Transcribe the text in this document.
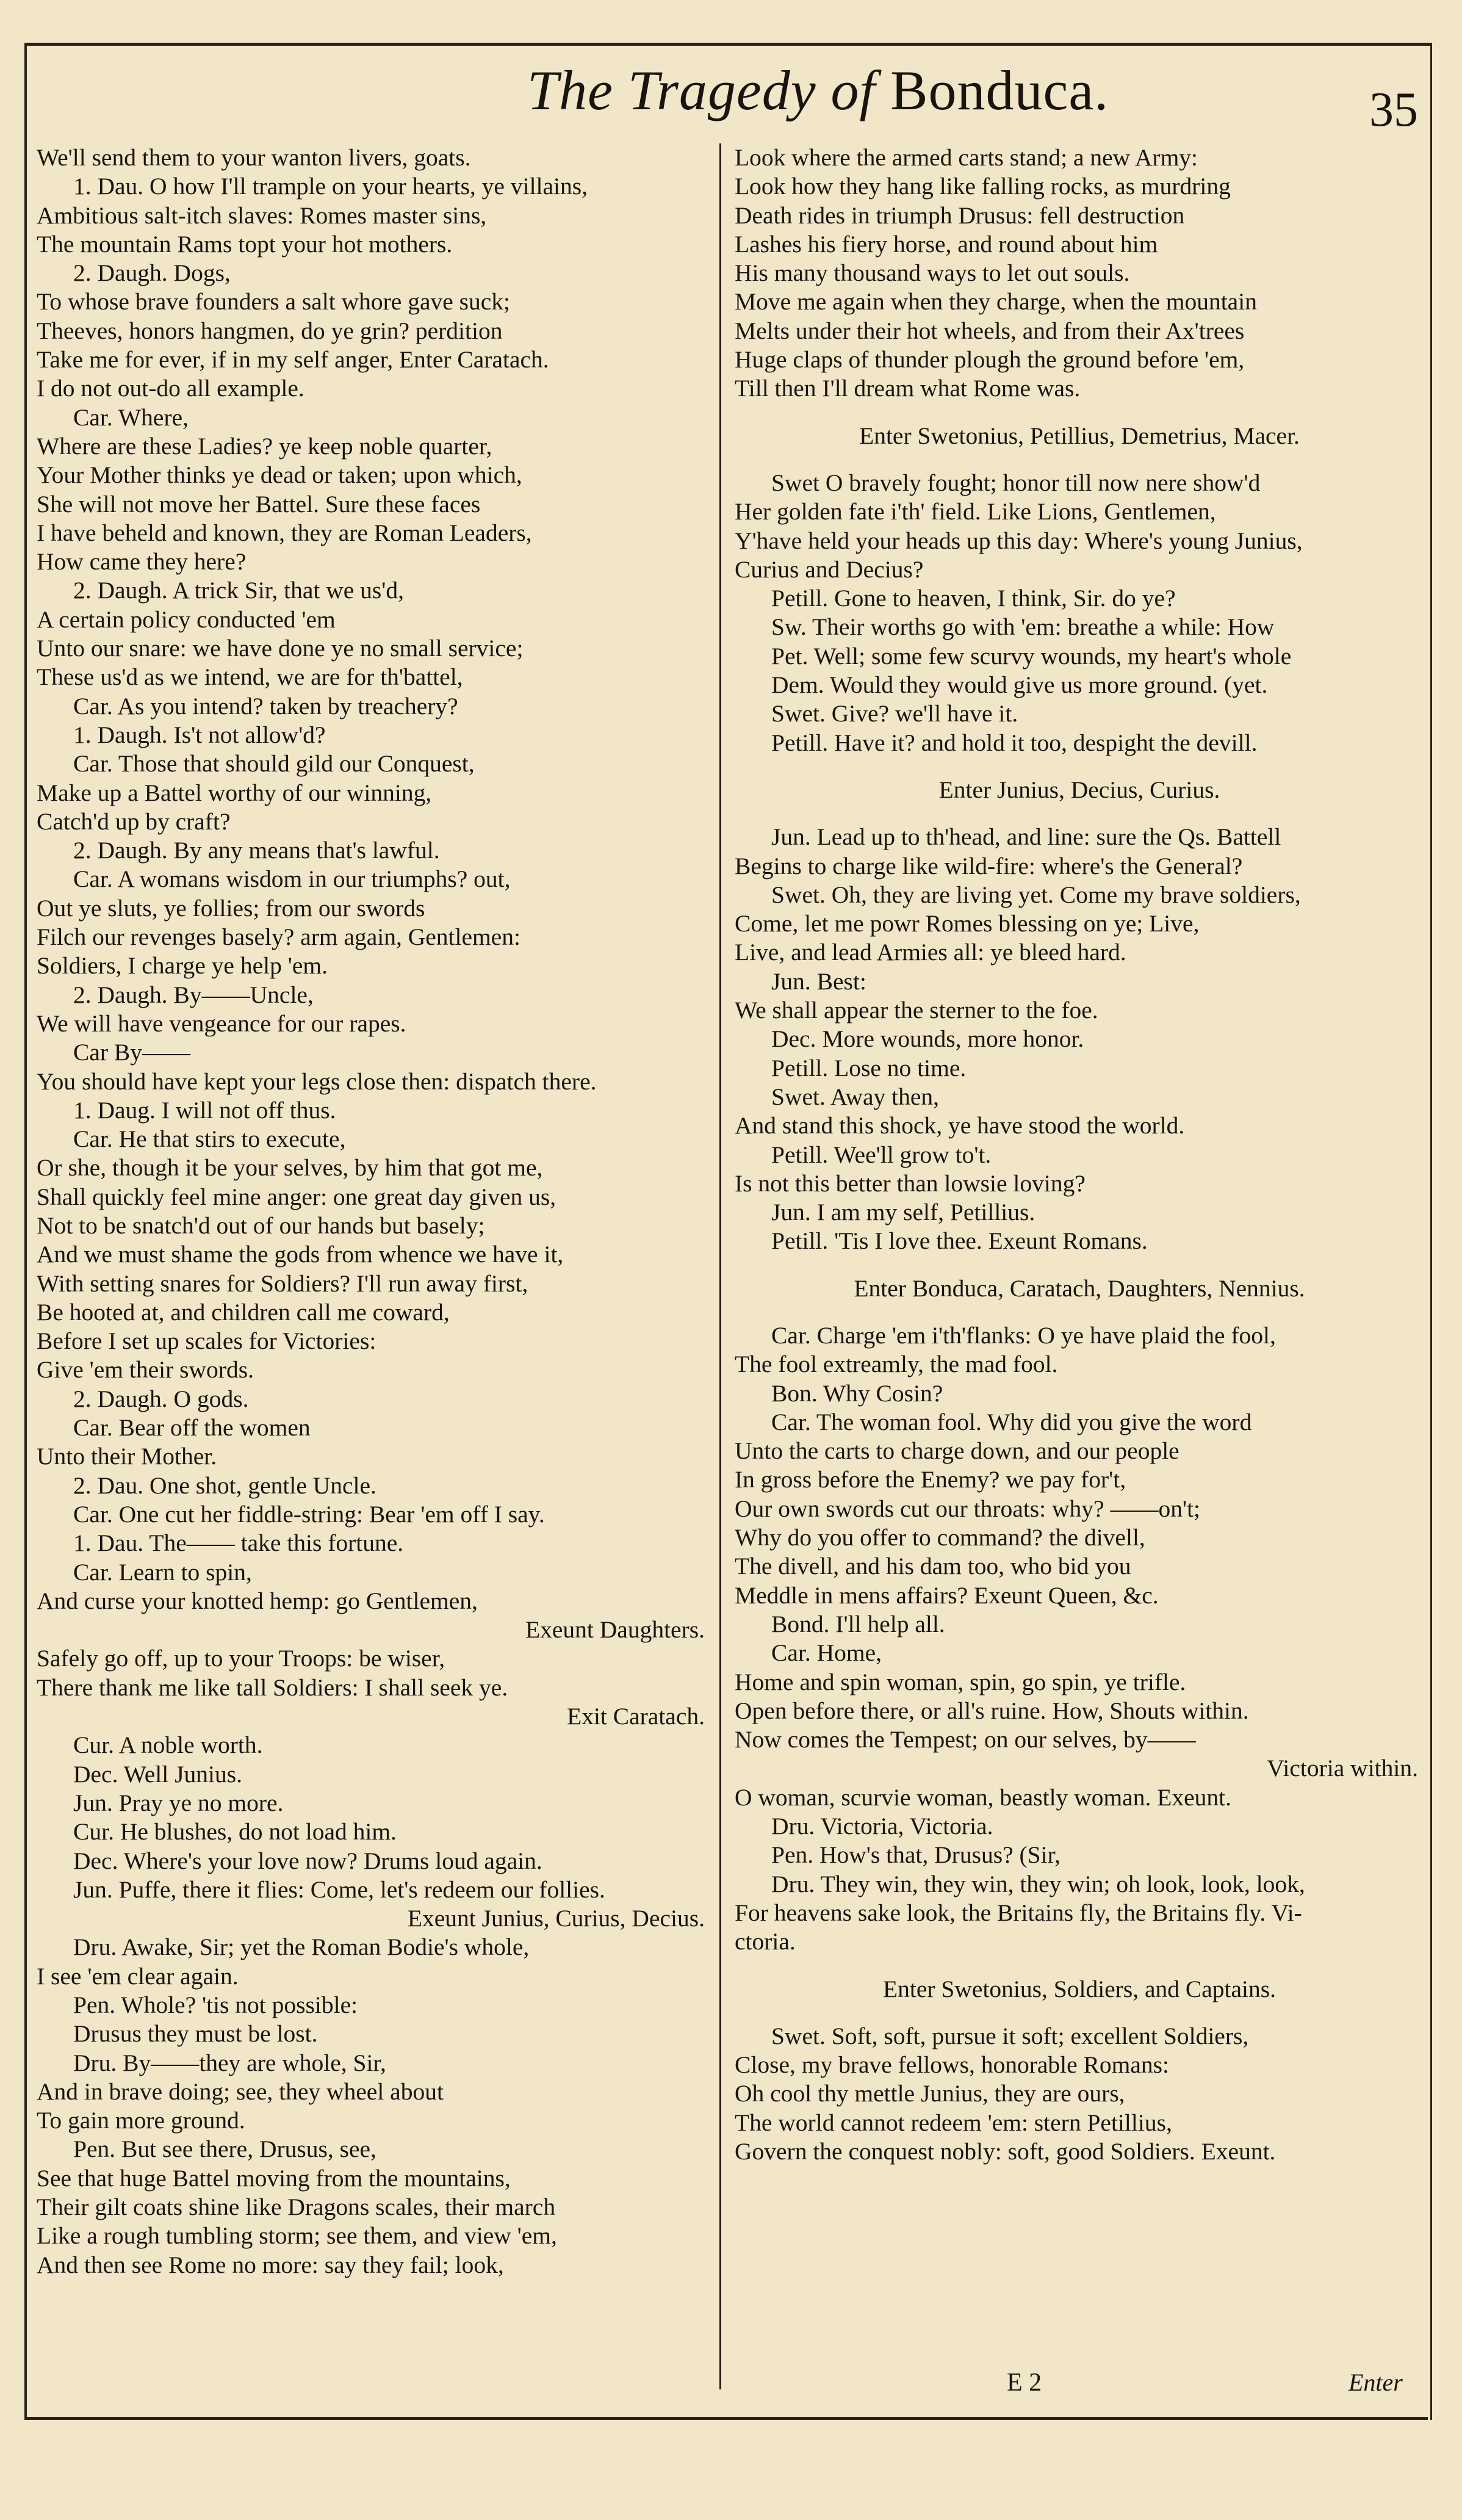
The Tragedy of Bonduca.	35
We'll send them to your wanton livers, goats.
1. Dau. O how I'll trample on your hearts, ye villains,
Ambitious salt-itch slaves: Romes master sins,
The mountain Rams topt your hot mothers.
2. Daugh. Dogs,
To whose brave founders a salt whore gave suck;
Theeves, honors hangmen, do ye grin? perdition
Take me for ever, if in my self anger, Enter Caratach.
I do not out-do all example.
Car. Where,
Where are these Ladies? ye keep noble quarter,
Your Mother thinks ye dead or taken; upon which,
She will not move her Battel. Sure these faces
I have beheld and known, they are Roman Leaders,
How came they here?
2. Daugh. A trick Sir, that we us'd,
A certain policy conducted 'em
Unto our snare: we have done ye no small service;
These us'd as we intend, we are for th'battel,
Car. As you intend? taken by treachery?
1. Daugh. Is't not allow'd?
Car. Those that should gild our Conquest,
Make up a Battel worthy of our winning,
Catch'd up by craft?
2. Daugh. By any means that's lawful.
Car. A womans wisdom in our triumphs? out,
Out ye sluts, ye follies; from our swords
Filch our revenges basely? arm again, Gentlemen:
Soldiers, I charge ye help 'em.
2. Daugh. By——Uncle,
We will have vengeance for our rapes.
Car By——
You should have kept your legs close then: dispatch there.
1. Daug. I will not off thus.
Car. He that stirs to execute,
Or she, though it be your selves, by him that got me,
Shall quickly feel mine anger: one great day given us,
Not to be snatch'd out of our hands but basely;
And we must shame the gods from whence we have it,
With setting snares for Soldiers? I'll run away first,
Be hooted at, and children call me coward,
Before I set up scales for Victories:
Give 'em their swords.
2. Daugh. O gods.
Car. Bear off the women
Unto their Mother.
2. Dau. One shot, gentle Uncle.
Car. One cut her fiddle-string: Bear 'em off I say.
1. Dau. The—— take this fortune.
Car. Learn to spin,
And curse your knotted hemp: go Gentlemen,
Exeunt Daughters.
Safely go off, up to your Troops: be wiser,
There thank me like tall Soldiers: I shall seek ye.
Exit Caratach.
Cur. A noble worth.
Dec. Well Junius.
Jun. Pray ye no more.
Cur. He blushes, do not load him.
Dec. Where's your love now? Drums loud again.
Jun. Puffe, there it flies: Come, let's redeem our follies.
Exeunt Junius, Curius, Decius.
Dru. Awake, Sir; yet the Roman Bodie's whole,
I see 'em clear again.
Pen. Whole? 'tis not possible:
Drusus they must be lost.
Dru. By——they are whole, Sir,
And in brave doing; see, they wheel about
To gain more ground.
Pen. But see there, Drusus, see,
See that huge Battel moving from the mountains,
Their gilt coats shine like Dragons scales, their march
Like a rough tumbling storm; see them, and view 'em,
And then see Rome no more: say they fail; look,
Look where the armed carts stand; a new Army:
Look how they hang like falling rocks, as murdring
Death rides in triumph Drusus: fell destruction
Lashes his fiery horse, and round about him
His many thousand ways to let out souls.
Move me again when they charge, when the mountain
Melts under their hot wheels, and from their Ax'trees
Huge claps of thunder plough the ground before 'em,
Till then I'll dream what Rome was.
Enter Swetonius, Petillius, Demetrius, Macer.
Swet O bravely fought; honor till now nere show'd
Her golden fate i'th' field. Like Lions, Gentlemen,
Y'have held your heads up this day: Where's young Junius,
Curius and Decius?
Petill. Gone to heaven, I think, Sir. do ye?
Sw. Their worths go with 'em: breathe a while: How
Pet. Well; some few scurvy wounds, my heart's whole
Dem. Would they would give us more ground. (yet.
Swet. Give? we'll have it.
Petill. Have it? and hold it too, despight the devill.
Enter Junius, Decius, Curius.
Jun. Lead up to th'head, and line: sure the Qs. Battell
Begins to charge like wild-fire: where's the General?
Swet. Oh, they are living yet. Come my brave soldiers,
Come, let me powr Romes blessing on ye; Live,
Live, and lead Armies all: ye bleed hard.
Jun. Best:
We shall appear the sterner to the foe.
Dec. More wounds, more honor.
Petill. Lose no time.
Swet. Away then,
And stand this shock, ye have stood the world.
Petill. Wee'll grow to't.
Is not this better than lowsie loving?
Jun. I am my self, Petillius.
Petill. 'Tis I love thee. Exeunt Romans.
Enter Bonduca, Caratach, Daughters, Nennius.
Car. Charge 'em i'th'flanks: O ye have plaid the fool,
The fool extreamly, the mad fool.
Bon. Why Cosin?
Car. The woman fool. Why did you give the word
Unto the carts to charge down, and our people
In gross before the Enemy? we pay for't,
Our own swords cut our throats: why? ——on't;
Why do you offer to command? the divell,
The divell, and his dam too, who bid you
Meddle in mens affairs? Exeunt Queen, &c.
Bond. I'll help all.
Car. Home,
Home and spin woman, spin, go spin, ye trifle.
Open before there, or all's ruine. How, Shouts within.
Now comes the Tempest; on our selves, by——
Victoria within.
O woman, scurvie woman, beastly woman. Exeunt.
Dru. Victoria, Victoria.
Pen. How's that, Drusus? (Sir,
Dru. They win, they win, they win; oh look, look, look,
For heavens sake look, the Britains fly, the Britains fly. Vi-
ctoria.
Enter Swetonius, Soldiers, and Captains.
Swet. Soft, soft, pursue it soft; excellent Soldiers,
Close, my brave fellows, honorable Romans:
Oh cool thy mettle Junius, they are ours,
The world cannot redeem 'em: stern Petillius,
Govern the conquest nobly: soft, good Soldiers. Exeunt.
E 2	Enter
